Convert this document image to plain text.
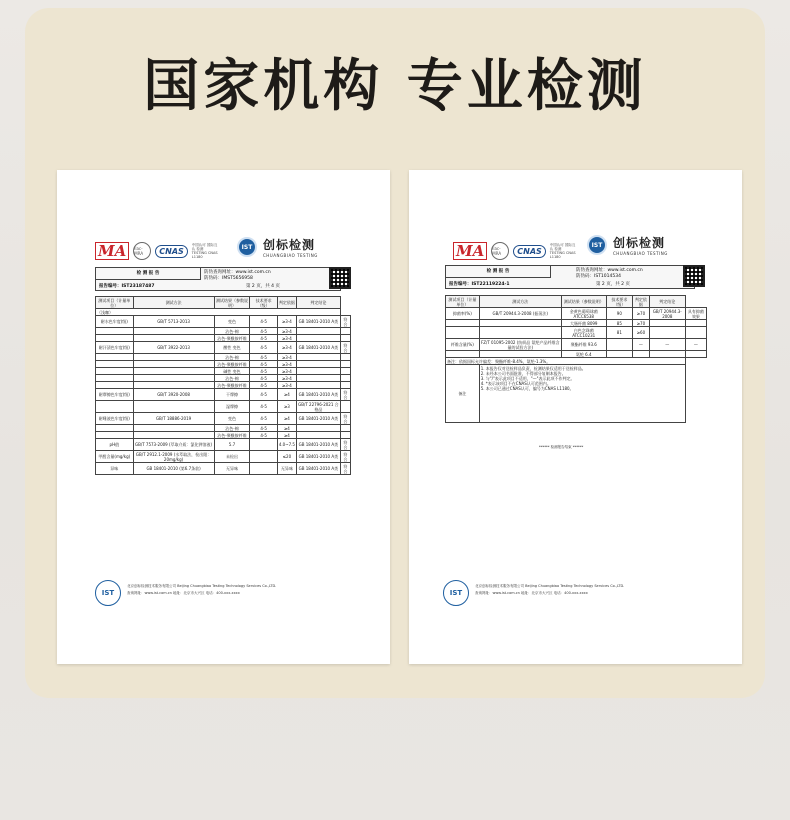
国家机构 专业检测
MA	ilac-MRA	CNAS
中国认可 国际互认 检测 TESTING CNAS L1180
IST 创标检测
CHUANGBIAO TESTING
检 测 报 告	防伪查询网址：www.ist.com.cn
防伪码：IMST5656958
报告编号：IST23187487	第 2 页，共 4 页
测试项目（计量单位）	测试方法	测试结果（参数说明）	技术要求（级）	判定依据	判定结论	
（浅咖）						
耐水色牢度(级)	GB/T 5713-2013	变色	4-5	≥3-4	GB 18401-2010 A类	符合
		沾色-棉	4-5	≥3-4		
		沾色-聚酰胺纤维	4-5	≥3-4		
耐汗渍色牢度(级)	GB/T 3922-2013	酸性 变色	4-5	≥3-4	GB 18401-2010 A类	符合
		沾色-棉	4-5	≥3-4		
		沾色-聚酰胺纤维	4-5	≥3-4		
		碱性 变色	4-5	≥3-4		
		沾色-棉	4-5	≥3-4		
		沾色-聚酰胺纤维	4-5	≥3-4		
耐摩擦色牢度(级)	GB/T 3920-2008	干摩擦	4-5	≥4	GB 18401-2010 A类	符合
		湿摩擦	4-5	≥3	GB/T 22796-2021 合格品	
耐唾液色牢度(级)	GB/T 18886-2019	变色	4-5	≥4	GB 18401-2010 A类	符合
		沾色-棉	4-5	≥4		
		沾色-聚酰胺纤维	4-5	≥4		
pH值	GB/T 7573-2009 (萃取介质：氯化钾溶液)	5.7		4.0~7.5	GB 18401-2010 A类	符合
甲醛含量(mg/kg)	GB/T 2912.1-2009 (水萃取法，检出限：20mg/kg)	未检出		≤20	GB 18401-2010 A类	符合
异味	GB 18401-2010 (第6.7条款)	无异味		无异味	GB 18401-2010 A类	符合
IST
北京创标检测技术服务有限公司 Beijing Chuangbiao Testing Technology Services Co.,LTD.
查询网址：www.ist.com.cn 地址：北京市大兴区 电话：400-xxx-xxxx
MA	ilac-MRA	CNAS
中国认可 国际互认 检测 TESTING CNAS L1180
IST 创标检测
CHUANGBIAO TESTING
检 测 报 告	防伪查询网址：www.ist.com.cn
防伪码：IST1014534
报告编号：IST22119224-1	第 2 页，共 2 页
测试项目（计量单位）	测试方法	测试结果（参数说明）	技术要求（级）	判定依据	判定结论	
抑菌率(%)	GB/T 20944.3-2008 (振荡法)	金黄色葡萄球菌 ATCC6538	90	≥70	GB/T 20944.3-2008	具有抑菌效果
		大肠杆菌 8099	85	≥70		
		白色念珠菌 ATCC10231	81	≥60		
纤维含量(%)	FZ/T 01095-2002 (纺织品 氨纶产品纤维含量的试验方法)	聚酯纤维 93.6		—	—	—
		氨纶 6.4				
备注：依据国标允许偏差：聚酯纤维-8.4%，氨纶-1.3%。						
备注	1. 本报告仅对送检样品负责，检测结果仅适用于送检样品。
2. 未经本公司书面批准，不得部分复制本报告。
3. 与"/"表示此项目不适用，"—"表示此项不作判定。
4. *表示该项目不在CNAS认可范围内。
5. 本公司已通过CNAS认可，编号为CNAS L1180。					
****** 检测报告结束 ******
IST
北京创标检测技术服务有限公司 Beijing Chuangbiao Testing Technology Services Co.,LTD.
查询网址：www.ist.com.cn 地址：北京市大兴区 电话：400-xxx-xxxx
